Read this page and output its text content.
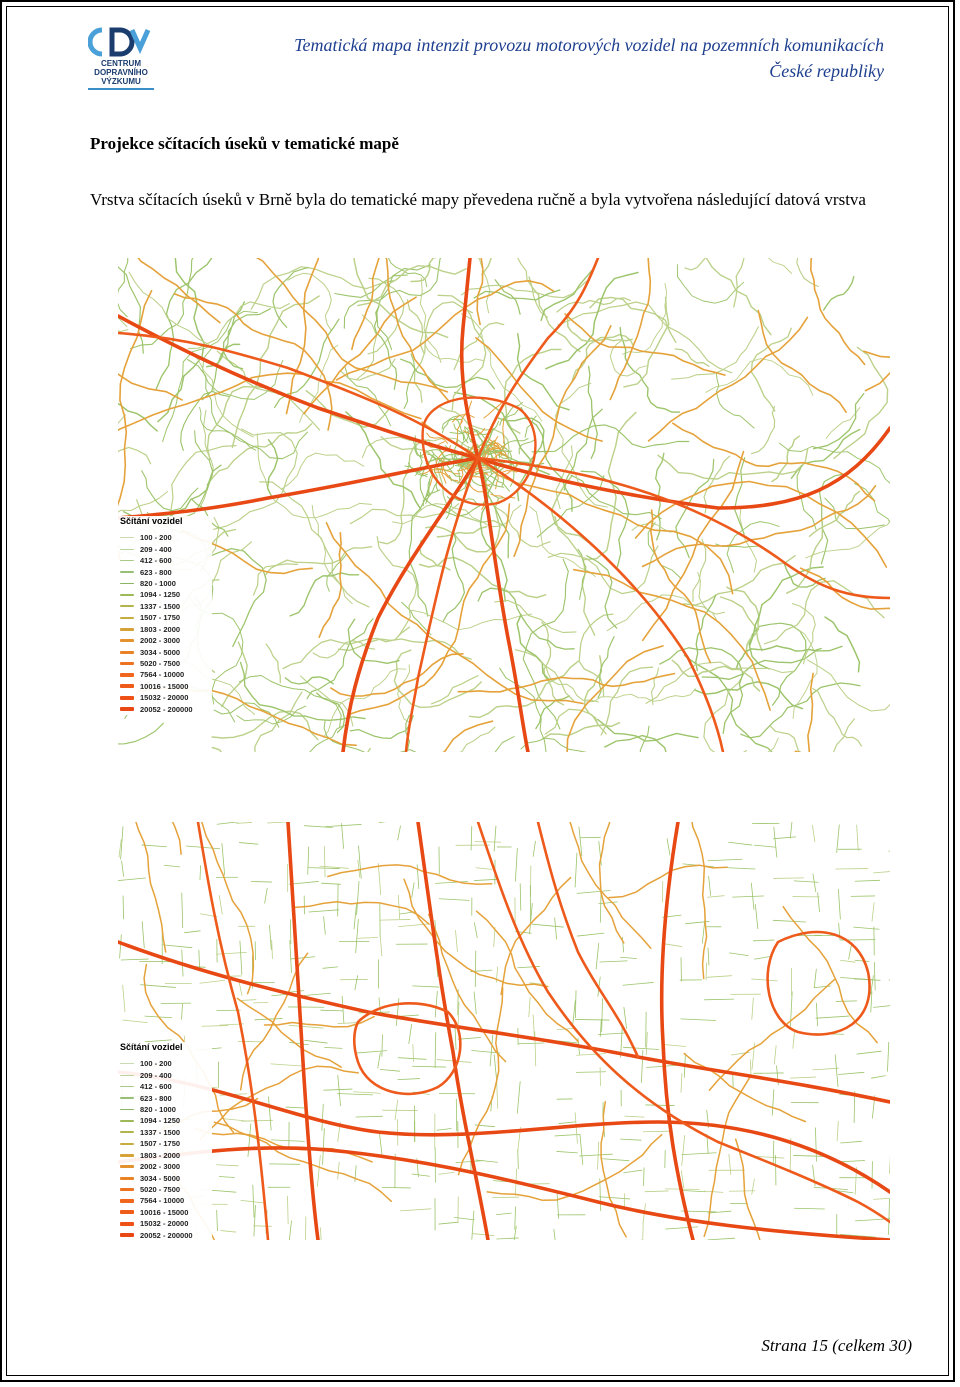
CENTRUM
DOPRAVNÍHO
VÝZKUMU
Tematická mapa intenzit provozu motorových vozidel na pozemních komunikacích
České republiky
Projekce sčítacích úseků v tematické mapě
Vrstva sčítacích úseků v Brně byla do tematické mapy převedena ručně a byla vytvořena následující datová vrstva
Sčítání vozidel
100 - 200
209 - 400
412 - 600
623 - 800
820 - 1000
1094 - 1250
1337 - 1500
1507 - 1750
1803 - 2000
2002 - 3000
3034 - 5000
5020 - 7500
7564 - 10000
10016 - 15000
15032 - 20000
20052 - 200000
Sčítání vozidel
100 - 200
209 - 400
412 - 600
623 - 800
820 - 1000
1094 - 1250
1337 - 1500
1507 - 1750
1803 - 2000
2002 - 3000
3034 - 5000
5020 - 7500
7564 - 10000
10016 - 15000
15032 - 20000
20052 - 200000
Strana 15 (celkem 30)
